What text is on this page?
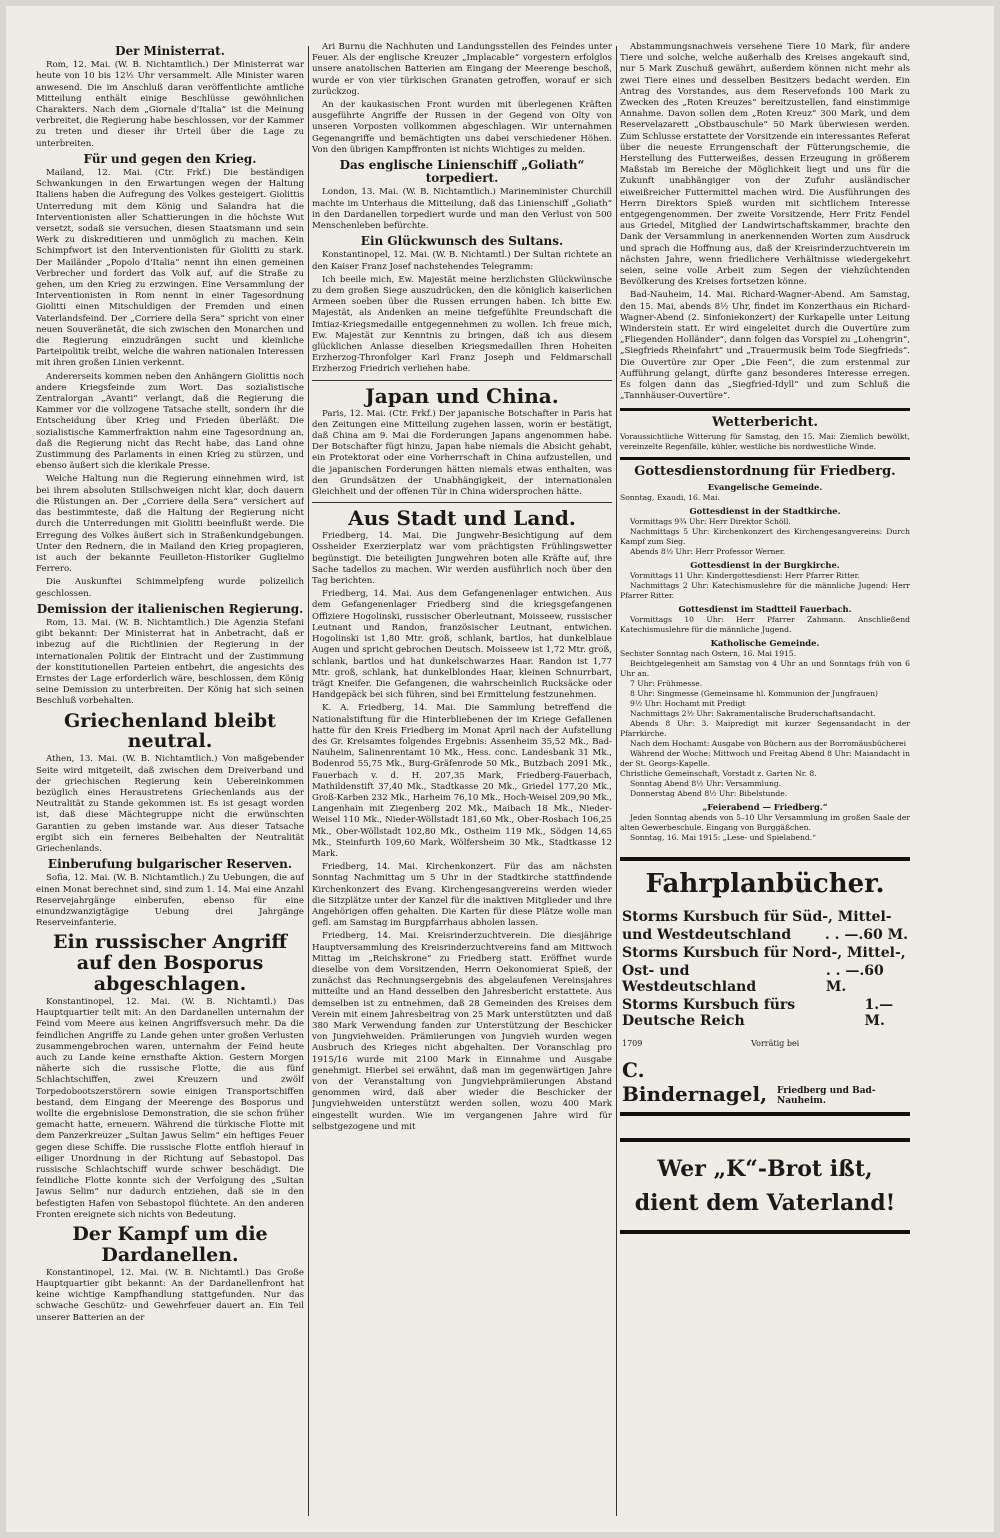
Der Ministerrat.

Rom, 12. Mai. (W. B. Nichtamtlich.) Der Ministerrat war heute von 10 bis 12½ Uhr versammelt. Alle Minister waren anwesend. Die im Anschluß daran veröffentlichte amtliche Mitteilung enthält einige Beschlüsse gewöhnlichen Charakters. Nach dem „Giornale d'Italia“ ist die Meinung verbreitet, die Regierung habe beschlossen, vor der Kammer zu treten und dieser ihr Urteil über die Lage zu unterbreiten.

Für und gegen den Krieg.

Mailand, 12. Mai. (Ctr. Frkf.) Die beständigen Schwankungen in den Erwartungen wegen der Haltung Italiens haben die Aufregung des Volkes gesteigert. Giolittis Unterredung mit dem König und Salandra hat die Interventionisten aller Schattierungen in die höchste Wut versetzt, sodaß sie versuchen, diesen Staatsmann und sein Werk zu diskreditieren und unmöglich zu machen. Kein Schimpfwort ist den Interventionisten für Giolitti zu stark. Der Mailänder „Popolo d'Italia“ nennt ihn einen gemeinen Verbrecher und fordert das Volk auf, auf die Straße zu gehen, um den Krieg zu erzwingen. Eine Versammlung der Interventionisten in Rom nennt in einer Tagesordnung Giolitti einen Mitschuldigen der Fremden und einen Vaterlandsfeind. Der „Corriere della Sera“ spricht von einer neuen Souveränetät, die sich zwischen den Monarchen und die Regierung einzudrängen sucht und kleinliche Parteipolitik treibt, welche die wahren nationalen Interessen mit ihren großen Linien verkennt.

Andererseits kommen neben den Anhängern Giolittis noch andere Kriegsfeinde zum Wort. Das sozialistische Zentralorgan „Avanti“ verlangt, daß die Regierung die Kammer vor die vollzogene Tatsache stellt, sondern ihr die Entscheidung über Krieg und Frieden überläßt. Die sozialistische Kammerfraktion nahm eine Tagesordnung an, daß die Regierung nicht das Recht habe, das Land ohne Zustimmung des Parlaments in einen Krieg zu stürzen, und ebenso äußert sich die klerikale Presse.

Welche Haltung nun die Regierung einnehmen wird, ist bei ihrem absoluten Stillschweigen nicht klar, doch dauern die Rüstungen an. Der „Corriere della Sera“ versichert auf das bestimmteste, daß die Haltung der Regierung nicht durch die Unterredungen mit Giolitti beeinflußt werde. Die Erregung des Volkes äußert sich in Straßenkundgebungen. Unter den Rednern, die in Mailand den Krieg propagieren, ist auch der bekannte Feuilleton-Historiker Guglielmo Ferrero.

Die Auskunftei Schimmelpfeng wurde polizeilich geschlossen.

Demission der italienischen Regierung.

Rom, 13. Mai. (W. B. Nichtamtlich.) Die Agenzia Stefani gibt bekannt: Der Ministerrat hat in Anbetracht, daß er inbezug auf die Richtlinien der Regierung in der internationalen Politik der Eintracht und der Zustimmung der konstitutionellen Parteien entbehrt, die angesichts des Ernstes der Lage erforderlich wäre, beschlossen, dem König seine Demission zu unterbreiten. Der König hat sich seinen Beschluß vorbehalten.

Griechenland bleibt neutral.

Athen, 13. Mai. (W. B. Nichtamtlich.) Von maßgebender Seite wird mitgeteilt, daß zwischen dem Dreiverband und der griechischen Regierung kein Uebereinkommen bezüglich eines Heraustretens Griechenlands aus der Neutralität zu Stande gekommen ist. Es ist gesagt worden ist, daß diese Mächtegruppe nicht die erwünschten Garantien zu geben imstande war. Aus dieser Tatsache ergibt sich ein ferneres Beibehalten der Neutralität Griechenlands.

Einberufung bulgarischer Reserven.

Sofia, 12. Mai. (W. B. Nichtamtlich.) Zu Uebungen, die auf einen Monat berechnet sind, sind zum 1. 14. Mai eine Anzahl Reservejahrgänge einberufen, ebenso für eine einundzwanzigtägige Uebung drei Jahrgänge Reserveinfanterie.

Ein russischer Angriff auf den Bosporus abgeschlagen.

Konstantinopel, 12. Mai. (W. B. Nichtamtl.) Das Hauptquartier teilt mit: An den Dardanellen unternahm der Feind vom Meere aus keinen Angriffsversuch mehr. Da die feindlichen Angriffe zu Lande gehen unter großen Verlusten zusammengebrochen waren, unternahm der Feind heute auch zu Lande keine ernsthafte Aktion. Gestern Morgen näherte sich die russische Flotte, die aus fünf Schlachtschiffen, zwei Kreuzern und zwölf Torpedobootszerstörern sowie einigen Transportschiffen bestand, dem Eingang der Meerenge des Bosporus und wollte die ergebnislose Demonstration, die sie schon früher gemacht hatte, erneuern. Während die türkische Flotte mit dem Panzerkreuzer „Sultan Jawus Selim“ ein heftiges Feuer gegen diese Schiffe. Die russische Flotte entfloh hierauf in eiliger Unordnung in der Richtung auf Sebastopol. Das russische Schlachtschiff wurde schwer beschädigt. Die feindliche Flotte konnte sich der Verfolgung des „Sultan Jawus Selim“ nur dadurch entziehen, daß sie in den befestigten Hafen von Sebastopol flüchtete. An den anderen Fronten ereignete sich nichts von Bedeutung.

Der Kampf um die Dardanellen.

Konstantinopel, 12. Mai. (W. B. Nichtamtl.) Das Große Hauptquartier gibt bekannt: An der Dardanellenfront hat keine wichtige Kampfhandlung stattgefunden. Nur das schwache Geschütz- und Gewehrfeuer dauert an. Ein Teil unserer Batterien an der

Ari Burnu die Nachhuten und Landungsstellen des Feindes unter Feuer. Als der englische Kreuzer „Implacable“ vorgestern erfolglos unsere anatolischen Batterien am Eingang der Meerenge beschoß, wurde er von vier türkischen Granaten getroffen, worauf er sich zurückzog.

An der kaukasischen Front wurden mit überlegenen Kräften ausgeführte Angriffe der Russen in der Gegend von Olty von unseren Vorposten vollkommen abgeschlagen. Wir unternahmen Gegenangriffe und bemächtigten uns dabei verschiedener Höhen. Von den übrigen Kampffronten ist nichts Wichtiges zu melden.

Das englische Linienschiff „Goliath“ torpediert.

London, 13. Mai. (W. B. Nichtamtlich.) Marineminister Churchill machte im Unterhaus die Mitteilung, daß das Linienschiff „Goliath“ in den Dardanellen torpediert wurde und man den Verlust von 500 Menschenleben befürchte.

Ein Glückwunsch des Sultans.

Konstantinopel, 12. Mai. (W. B. Nichtamtl.) Der Sultan richtete an den Kaiser Franz Josef nachstehendes Telegramm:

Ich beeile mich, Ew. Majestät meine herzlichsten Glückwünsche zu dem großen Siege auszudrücken, den die königlich kaiserlichen Armeen soeben über die Russen errungen haben. Ich bitte Ew. Majestät, als Andenken an meine tiefgefühlte Freundschaft die Imtiaz-Kriegsmedaille entgegennehmen zu wollen. Ich freue mich, Ew. Majestät zur Kenntnis zu bringen, daß ich aus diesem glücklichen Anlasse dieselben Kriegsmedaillen Ihren Hoheiten Erzherzog-Thronfolger Karl Franz Joseph und Feldmarschall Erzherzog Friedrich verliehen habe.

Japan und China.

Paris, 12. Mai. (Ctr. Frkf.) Der japanische Botschafter in Paris hat den Zeitungen eine Mitteilung zugehen lassen, worin er bestätigt, daß China am 9. Mai die Forderungen Japans angenommen habe. Der Botschafter fügt hinzu, Japan habe niemals die Absicht gehabt, ein Protektorat oder eine Vorherrschaft in China aufzustellen, und die japanischen Forderungen hätten niemals etwas enthalten, was den Grundsätzen der Unabhängigkeit, der internationalen Gleichheit und der offenen Tür in China widersprochen hätte.

Aus Stadt und Land.

Friedberg, 14. Mai. Die Jungwehr-Besichtigung auf dem Ossheider Exerzierplatz war vom prächtigsten Frühlingswetter begünstigt. Die beteiligten Jungwehren boten alle Kräfte auf, ihre Sache tadellos zu machen. Wir werden ausführlich noch über den Tag berichten.

Friedberg, 14. Mai. Aus dem Gefangenenlager entwichen. Aus dem Gefangenenlager Friedberg sind die kriegsgefangenen Offiziere Hogolinski, russischer Oberleutnant, Moisseew, russischer Leutnant und Randon, französischer Leutnant, entwichen. Hogolinski ist 1,80 Mtr. groß, schlank, bartlos, hat dunkelblaue Augen und spricht gebrochen Deutsch. Moisseew ist 1,72 Mtr. groß, schlank, bartlos und hat dunkelschwarzes Haar. Randon ist 1,77 Mtr. groß, schlank, hat dunkelblondes Haar, kleinen Schnurrbart, trägt Kneifer. Die Gefangenen, die wahrscheinlich Rucksäcke oder Handgepäck bei sich führen, sind bei Ermittelung festzunehmen.

K. A. Friedberg, 14. Mai. Die Sammlung betreffend die Nationalstiftung für die Hinterbliebenen der im Kriege Gefallenen hatte für den Kreis Friedberg im Monat April nach der Aufstellung des Gr. Kreisamtes folgendes Ergebnis: Assenheim 35,52 Mk., Bad-Nauheim, Salinenrentamt 10 Mk., Hess. conc. Landesbank 31 Mk., Bodenrod 55,75 Mk., Burg-Gräfenrode 50 Mk., Butzbach 2091 Mk., Fauerbach v. d. H. 207,35 Mark, Friedberg-Fauerbach, Mathildenstift 37,40 Mk., Stadtkasse 20 Mk., Griedel 177,20 Mk., Groß-Karben 232 Mk., Harheim 76,10 Mk., Hoch-Weisel 209,90 Mk., Langenhain mit Ziegenberg 202 Mk., Maibach 18 Mk., Nieder-Weisel 110 Mk., Nieder-Wöllstadt 181,60 Mk., Ober-Rosbach 106,25 Mk., Ober-Wöllstadt 102,80 Mk., Ostheim 119 Mk., Södgen 14,65 Mk., Steinfurth 109,60 Mark, Wölfersheim 30 Mk., Stadtkasse 12 Mark.

Friedberg, 14. Mai. Kirchenkonzert. Für das am nächsten Sonntag Nachmittag um 5 Uhr in der Stadtkirche stattfindende Kirchenkonzert des Evang. Kirchengesangvereins werden wieder die Sitzplätze unter der Kanzel für die inaktiven Mitglieder und ihre Angehörigen offen gehalten. Die Karten für diese Plätze wolle man gefl. am Samstag im Burgpfarrhaus abholen lassen.

Friedberg, 14. Mai. Kreisrinderzuchtverein. Die diesjährige Hauptversammlung des Kreisrinderzuchtvereins fand am Mittwoch Mittag im „Reichskrone“ zu Friedberg statt. Eröffnet wurde dieselbe von dem Vorsitzenden, Herrn Oekonomierat Spieß, der zunächst das Rechnungsergebnis des abgelaufenen Vereinsjahres mitteilte und an Hand desselben den Jahresbericht erstattete. Aus demselben ist zu entnehmen, daß 28 Gemeinden des Kreises dem Verein mit einem Jahresbeitrag von 25 Mark unterstützten und daß 380 Mark Verwendung fanden zur Unterstützung der Beschicker von Jungviehweiden. Prämiierungen von Jungvieh wurden wegen Ausbruch des Krieges nicht abgehalten. Der Voranschlag pro 1915/16 wurde mit 2100 Mark in Einnahme und Ausgabe genehmigt. Hierbei sei erwähnt, daß man im gegenwärtigen Jahre von der Veranstaltung von Jungviehprämiierungen Abstand genommen wird, daß aber wieder die Beschicker der Jungviehweiden unterstützt werden sollen, wozu 400 Mark eingestellt wurden. Wie im vergangenen Jahre wird für selbstgezogene und mit

Abstammungsnachweis versehene Tiere 10 Mark, für andere Tiere und solche, welche außerhalb des Kreises angekauft sind, nur 5 Mark Zuschuß gewährt, außerdem können nicht mehr als zwei Tiere eines und desselben Besitzers bedacht werden. Ein Antrag des Vorstandes, aus dem Reservefonds 100 Mark zu Zwecken des „Roten Kreuzes“ bereitzustellen, fand einstimmige Annahme. Davon sollen dem „Roten Kreuz“ 300 Mark, und dem Reservelazarett „Obstbauschule“ 50 Mark überwiesen werden. Zum Schlusse erstattete der Vorsitzende ein interessantes Referat über die neueste Errungenschaft der Fütterungschemie, die Herstellung des Futterweißes, dessen Erzeugung in größerem Maßstab im Bereiche der Möglichkeit liegt und uns für die Zukunft unabhängiger von der Zufuhr ausländischer eiweißreicher Futtermittel machen wird. Die Ausführungen des Herrn Direktors Spieß wurden mit sichtlichem Interesse entgegengenommen. Der zweite Vorsitzende, Herr Fritz Fendel aus Griedel, Mitglied der Landwirtschaftskammer, brachte den Dank der Versammlung in anerkennenden Worten zum Ausdruck und sprach die Hoffnung aus, daß der Kreisrinderzuchtverein im nächsten Jahre, wenn friedlichere Verhältnisse wiedergekehrt seien, seine volle Arbeit zum Segen der viehzüchtenden Bevölkerung des Kreises fortsetzen könne.

Bad-Nauheim, 14. Mai. Richard-Wagner-Abend. Am Samstag, den 15. Mai, abends 8½ Uhr, findet im Konzerthaus ein Richard-Wagner-Abend (2. Sinfoniekonzert) der Kurkapelle unter Leitung Winderstein statt. Er wird eingeleitet durch die Ouvertüre zum „Fliegenden Holländer“, dann folgen das Vorspiel zu „Lohengrin“, „Siegfrieds Rheinfahrt“ und „Trauermusik beim Tode Siegfrieds“. Die Ouvertüre zur Oper „Die Feen“, die zum erstenmal zur Aufführung gelangt, dürfte ganz besonderes Interesse erregen. Es folgen dann das „Siegfried-Idyll“ und zum Schluß die „Tannhäuser-Ouvertüre“.

Wetterbericht.

Voraussichtliche Witterung für Samstag, den 15. Mai: Ziemlich bewölkt, vereinzelte Regenfälle, kühler, westliche bis nordwestliche Winde.

Gottesdienstordnung für Friedberg.
Evangelische Gemeinde.

Sonntag, Exaudi, 16. Mai.

Gottesdienst in der Stadtkirche.

Vormittags 9¾ Uhr: Herr Direktor Schöll.

Nachmittags 5 Uhr: Kirchenkonzert des Kirchengesangvereins: Durch Kampf zum Sieg.

Abends 8½ Uhr: Herr Professor Werner.

Gottesdienst in der Burgkirche.

Vormittags 11 Uhr: Kindergottesdienst: Herr Pfarrer Ritter.

Nachmittags 2 Uhr: Katechismuslehre für die männliche Jugend: Herr Pfarrer Ritter.

Gottesdienst im Stadtteil Fauerbach.

Vormittags 10 Uhr: Herr Pfarrer Zahmann. Anschließend Katechismuslehre für die männliche Jugend.

Katholische Gemeinde.

Sechster Sonntag nach Ostern, 16. Mai 1915.

Beichtgelegenheit am Samstag von 4 Uhr an und Sonntags früh von 6 Uhr an.

7 Uhr: Frühmesse.

8 Uhr: Singmesse (Gemeinsame hl. Kommunion der Jungfrauen)

9½ Uhr: Hochamt mit Predigt

Nachmittags 2½ Uhr: Sakramentalische Bruderschaftsandacht.

Abends 8 Uhr: 3. Maipredigt mit kurzer Segensandacht in der Pfarrkirche.

Nach dem Hochamt: Ausgabe von Büchern aus der Borromäusbücherei

Während der Woche: Mittwoch und Freitag Abend 8 Uhr: Maiandacht in der St. Georgs-Kapelle.

Christliche Gemeinschaft, Vorstadt z. Garten Nr. 8.

Sonntag Abend 8½ Uhr: Versammlung.

Donnerstag Abend 8½ Uhr: Bibelstunde.

„Feierabend — Friedberg.“

Jeden Sonntag abends von 5–10 Uhr Versammlung im großen Saale der alten Gewerbeschule. Eingang von Burggäßchen.

Sonntag, 16. Mai 1915: „Lese- und Spielabend.“

Fahrplanbücher.
Storms Kursbuch für Süd-, Mittel-
und Westdeutschland . . —.60 M.
Storms Kursbuch für Nord-, Mittel-,
Ost- und Westdeutschland
. . —.60 M.
Storms Kursbuch fürs Deutsche Reich
1.— M.
1709	Vorrätig bei
C. Bindernagel,	Friedberg und Bad-Nauheim.
Wer „K“-Brot ißt,
dient dem Vaterland!
